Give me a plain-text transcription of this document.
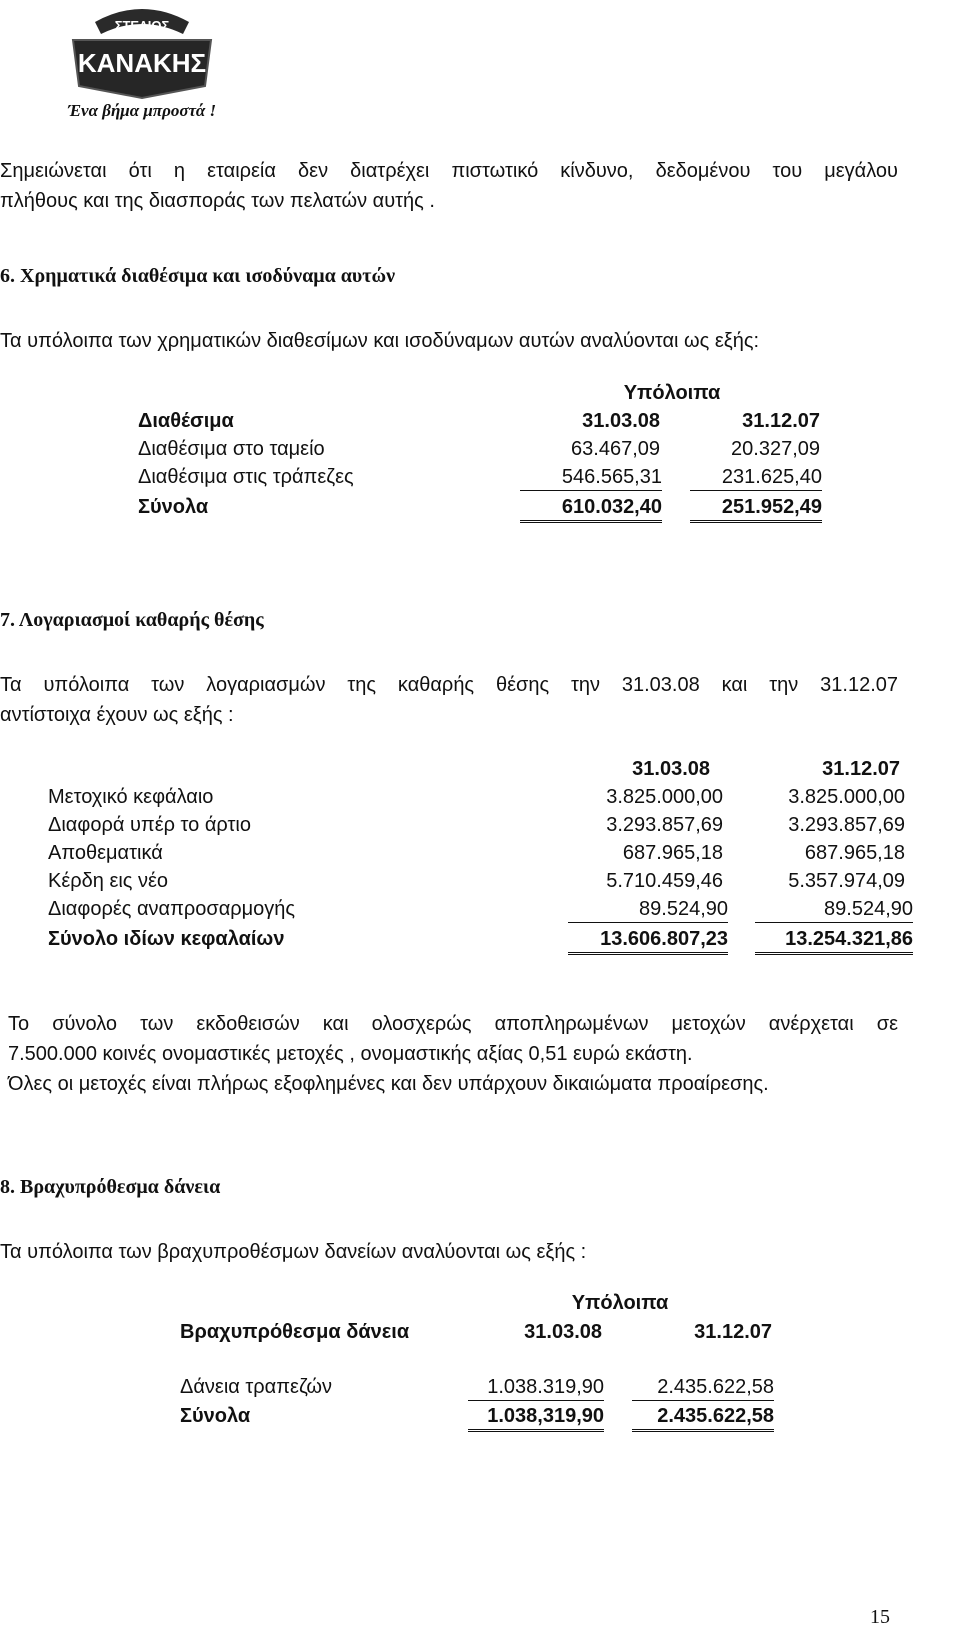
ΣΤΕΛΙΟΣ
ΚΑΝΑΚΗΣ
Ένα βήμα μπροστά !
Σημειώνεται ότι η εταιρεία δεν διατρέχει πιστωτικό κίνδυνο, δεδομένου του μεγάλου
πλήθους και της διασποράς των πελατών αυτής .
6. Χρηματικά διαθέσιμα και ισοδύναμα αυτών
Τα υπόλοιπα των χρηματικών διαθεσίμων και ισοδύναμων αυτών αναλύονται ως εξής:
Υπόλοιπα
Διαθέσιμα	31.03.08	31.12.07
Διαθέσιμα στο ταμείο	63.467,09	20.327,09
Διαθέσιμα στις τράπεζες	546.565,31	231.625,40
Σύνολα	610.032,40	251.952,49
7. Λογαριασμοί καθαρής θέσης
Τα υπόλοιπα των λογαριασμών της καθαρής θέσης την 31.03.08 και την 31.12.07
αντίστοιχα έχουν ως εξής :
31.03.08	31.12.07
Μετοχικό κεφάλαιο	3.825.000,00	3.825.000,00
Διαφορά υπέρ το άρτιο	3.293.857,69	3.293.857,69
Αποθεματικά	687.965,18	687.965,18
Κέρδη εις νέο	5.710.459,46	5.357.974,09
Διαφορές αναπροσαρμογής	89.524,90	89.524,90
Σύνολο ιδίων κεφαλαίων	13.606.807,23	13.254.321,86
Το σύνολο των εκδοθεισών και ολοσχερώς αποπληρωμένων μετοχών ανέρχεται σε
7.500.000 κοινές ονομαστικές μετοχές , ονομαστικής αξίας 0,51 ευρώ εκάστη.
Όλες οι μετοχές είναι πλήρως εξοφλημένες και δεν υπάρχουν δικαιώματα προαίρεσης.
8. Βραχυπρόθεσμα δάνεια
Τα υπόλοιπα των βραχυπροθέσμων δανείων αναλύονται ως εξής :
Υπόλοιπα
Βραχυπρόθεσμα δάνεια	31.03.08	31.12.07
Δάνεια τραπεζών	1.038.319,90	2.435.622,58
Σύνολα	1.038,319,90	2.435.622,58
15
